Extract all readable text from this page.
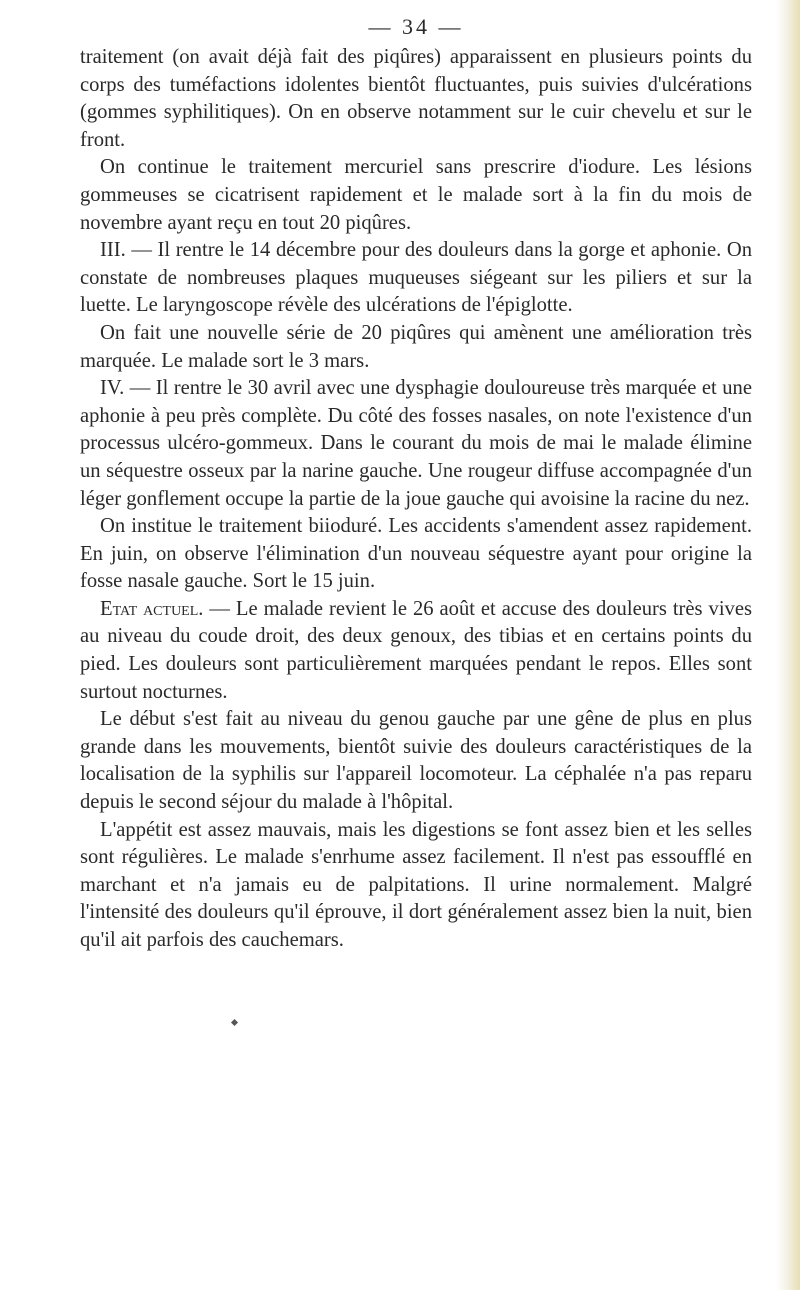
— 34 —

traitement (on avait déjà fait des piqûres) apparaissent en plusieurs points du corps des tuméfactions idolentes bientôt fluctuantes, puis suivies d'ulcérations (gommes syphilitiques). On en observe notamment sur le cuir chevelu et sur le front.

On continue le traitement mercuriel sans prescrire d'iodure. Les lésions gommeuses se cicatrisent rapidement et le malade sort à la fin du mois de novembre ayant reçu en tout 20 piqûres.

III. — Il rentre le 14 décembre pour des douleurs dans la gorge et aphonie. On constate de nombreuses plaques muqueuses siégeant sur les piliers et sur la luette. Le laryngoscope révèle des ulcérations de l'épiglotte.

On fait une nouvelle série de 20 piqûres qui amènent une amélioration très marquée. Le malade sort le 3 mars.

IV. — Il rentre le 30 avril avec une dysphagie douloureuse très marquée et une aphonie à peu près complète. Du côté des fosses nasales, on note l'existence d'un processus ulcéro-gommeux. Dans le courant du mois de mai le malade élimine un séquestre osseux par la narine gauche. Une rougeur diffuse accompagnée d'un léger gonflement occupe la partie de la joue gauche qui avoisine la racine du nez.

On institue le traitement biioduré. Les accidents s'amendent assez rapidement. En juin, on observe l'élimination d'un nouveau séquestre ayant pour origine la fosse nasale gauche. Sort le 15 juin.

Etat actuel. — Le malade revient le 26 août et accuse des douleurs très vives au niveau du coude droit, des deux genoux, des tibias et en certains points du pied. Les douleurs sont particulièrement marquées pendant le repos. Elles sont surtout nocturnes.

Le début s'est fait au niveau du genou gauche par une gêne de plus en plus grande dans les mouvements, bientôt suivie des douleurs caractéristiques de la localisation de la syphilis sur l'appareil locomoteur. La céphalée n'a pas reparu depuis le second séjour du malade à l'hôpital.

L'appétit est assez mauvais, mais les digestions se font assez bien et les selles sont régulières. Le malade s'enrhume assez facilement. Il n'est pas essoufflé en marchant et n'a jamais eu de palpitations. Il urine normalement. Malgré l'intensité des douleurs qu'il éprouve, il dort généralement assez bien la nuit, bien qu'il ait parfois des cauchemars.
